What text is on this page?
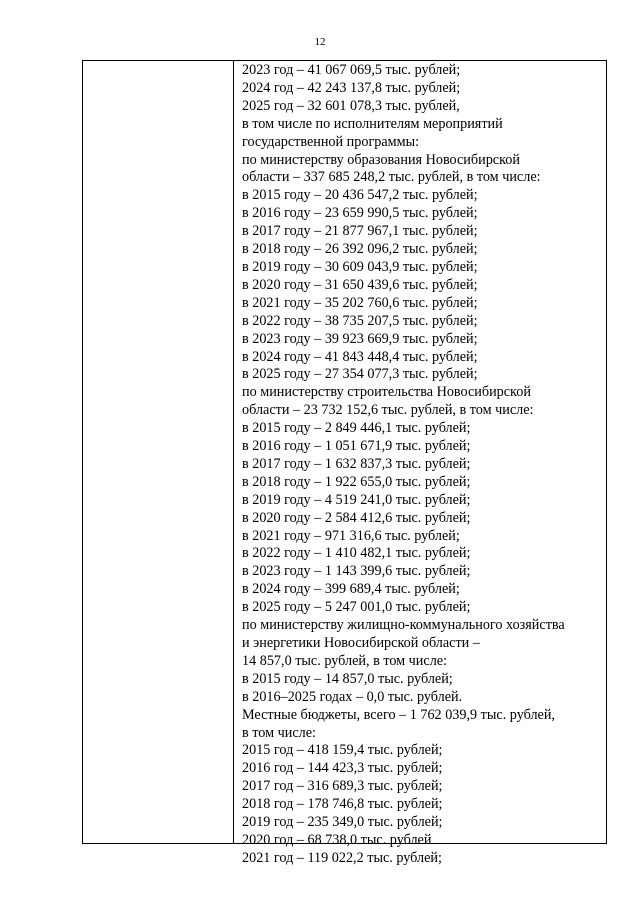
12
2023 год – 41 067 069,5 тыс. рублей;
2024 год – 42 243 137,8 тыс. рублей;
2025 год – 32 601 078,3 тыс. рублей,
в том числе по исполнителям мероприятий
государственной программы:
по министерству образования Новосибирской
области – 337 685 248,2 тыс. рублей, в том числе:
в 2015 году – 20 436 547,2 тыс. рублей;
в 2016 году – 23 659 990,5 тыс. рублей;
в 2017 году – 21 877 967,1 тыс. рублей;
в 2018 году – 26 392 096,2 тыс. рублей;
в 2019 году – 30 609 043,9 тыс. рублей;
в 2020 году – 31 650 439,6 тыс. рублей;
в 2021 году – 35 202 760,6 тыс. рублей;
в 2022 году – 38 735 207,5 тыс. рублей;
в 2023 году – 39 923 669,9 тыс. рублей;
в 2024 году – 41 843 448,4 тыс. рублей;
в 2025 году – 27 354 077,3 тыс. рублей;
по министерству строительства Новосибирской
области – 23 732 152,6 тыс. рублей, в том числе:
в 2015 году – 2 849 446,1 тыс. рублей;
в 2016 году – 1 051 671,9 тыс. рублей;
в 2017 году – 1 632 837,3 тыс. рублей;
в 2018 году – 1 922 655,0 тыс. рублей;
в 2019 году – 4 519 241,0 тыс. рублей;
в 2020 году – 2 584 412,6 тыс. рублей;
в 2021 году – 971 316,6 тыс. рублей;
в 2022 году – 1 410 482,1 тыс. рублей;
в 2023 году – 1 143 399,6 тыс. рублей;
в 2024 году – 399 689,4 тыс. рублей;
в 2025 году – 5 247 001,0 тыс. рублей;
по министерству жилищно-коммунального хозяйства
и энергетики Новосибирской области –
14 857,0 тыс. рублей, в том числе:
в 2015 году – 14 857,0 тыс. рублей;
в 2016–2025 годах – 0,0 тыс. рублей.
Местные бюджеты, всего – 1 762 039,9 тыс. рублей,
в том числе:
2015 год – 418 159,4 тыс. рублей;
2016 год – 144 423,3 тыс. рублей;
2017 год – 316 689,3 тыс. рублей;
2018 год – 178 746,8 тыс. рублей;
2019 год – 235 349,0 тыс. рублей;
2020 год – 68 738,0 тыс. рублей
2021 год – 119 022,2 тыс. рублей;
